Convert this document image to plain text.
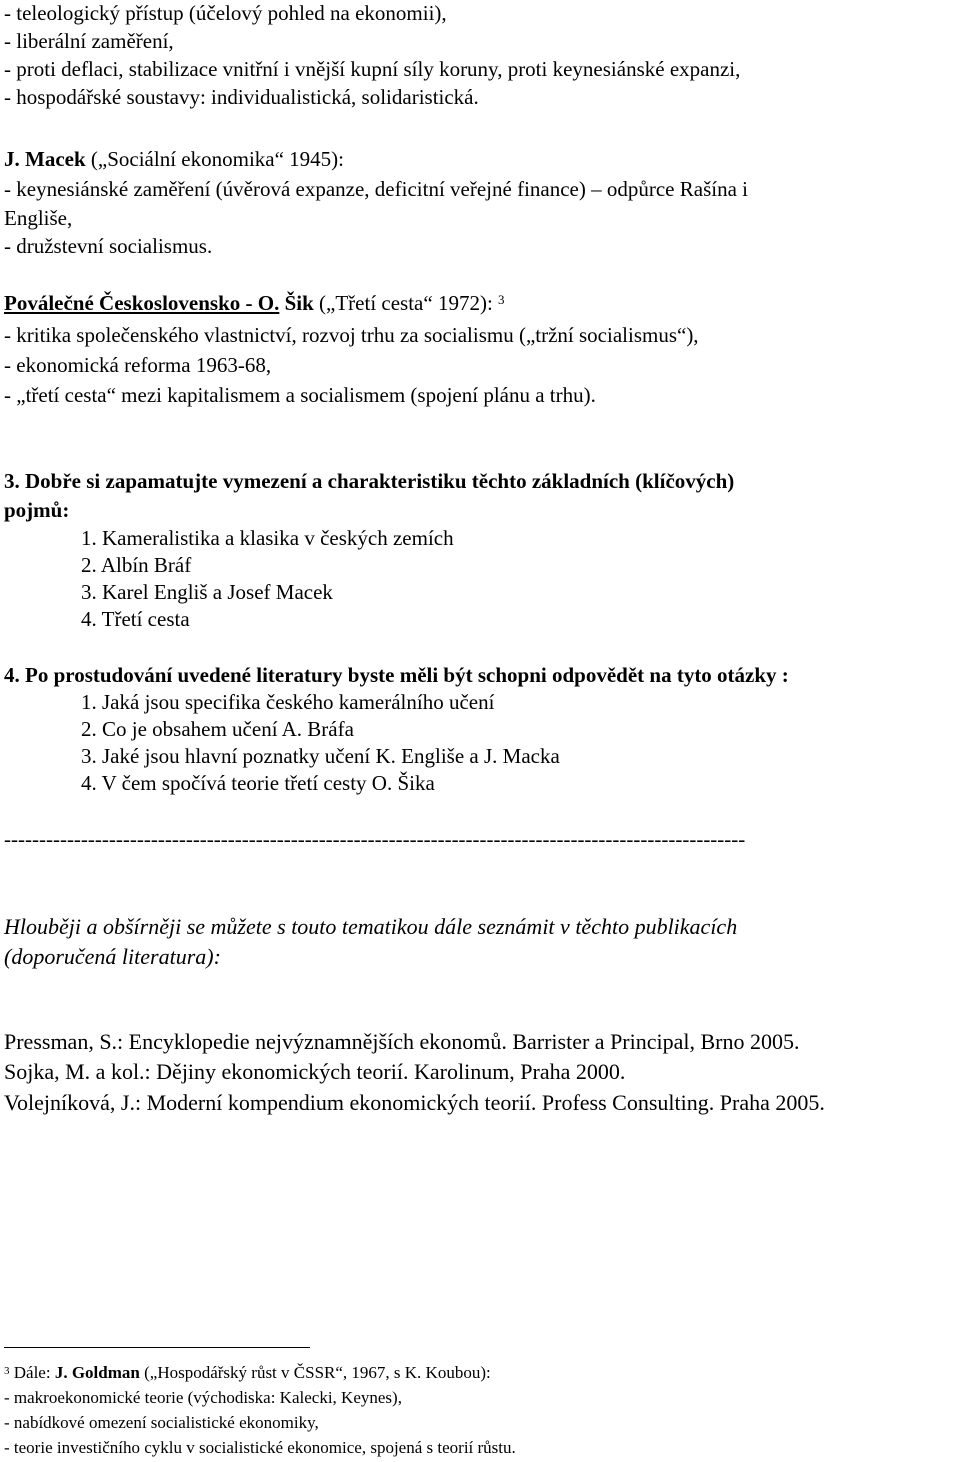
- teleologický přístup (účelový pohled na ekonomii),
- liberální zaměření,
- proti deflaci, stabilizace vnitřní i vnější kupní síly koruny, proti keynesiánské expanzi,
- hospodářské soustavy: individualistická, solidaristická.
J. Macek („Sociální ekonomika“ 1945):
- keynesiánské zaměření (úvěrová expanze, deficitní veřejné finance) – odpůrce Rašína i
Engliše,
- družstevní socialismus.
Poválečné Československo - O. Šik („Třetí cesta“ 1972): $^3$
- kritika společenského vlastnictví, rozvoj trhu za socialismu („tržní socialismus“),
- ekonomická reforma 1963-68,
- „třetí cesta“ mezi kapitalismem a socialismem (spojení plánu a trhu).
3. Dobře si zapamatujte vymezení a charakteristiku těchto základních (klíčových)
pojmů:
1. Kameralistika a klasika v českých zemích
2. Albín Bráf
3. Karel Engliš a Josef Macek
4. Třetí cesta
4. Po prostudování uvedené literatury byste měli být schopni odpovědět na tyto otázky :
1. Jaká jsou specifika českého kamerálního učení
2. Co je obsahem učení A. Bráfa
3. Jaké jsou hlavní poznatky učení K. Engliše a J. Macka
4. V čem spočívá teorie třetí cesty O. Šika
----------------------------------------------------------------------------------------------------------
Hlouběji a obšírněji se můžete s touto tematikou dále seznámit v těchto publikacích
(doporučená literatura):
Pressman, S.: Encyklopedie nejvýznamnějších ekonomů. Barrister a Principal, Brno 2005.
Sojka, M. a kol.: Dějiny ekonomických teorií. Karolinum, Praha 2000.
Volejníková, J.: Moderní kompendium ekonomických teorií. Profess Consulting. Praha 2005.
$^3$ Dále: J. Goldman („Hospodářský růst v ČSSR“, 1967, s K. Koubou):
- makroekonomické teorie (východiska: Kalecki, Keynes),
- nabídkové omezení socialistické ekonomiky,
- teorie investičního cyklu v socialistické ekonomice, spojená s teorií růstu.
